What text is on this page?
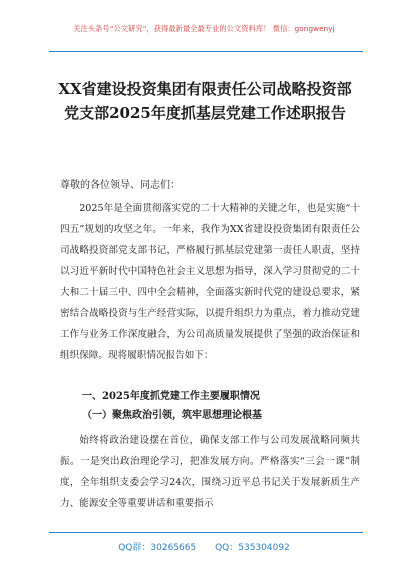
关注头条号“公文研究”，获得最新最全最专业的公文资料库！ 微信：gongwenyj
XX省建设投资集团有限责任公司战略投资部党支部2025年度抓基层党建工作述职报告
尊敬的各位领导、同志们：
2025年是全面贯彻落实党的二十大精神的关键之年，也是实施“十四五”规划的攻坚之年。一年来，我作为XX省建设投资集团有限责任公司战略投资部党支部书记，严格履行抓基层党建第一责任人职责，坚持以习近平新时代中国特色社会主义思想为指导，深入学习贯彻党的二十大和二十届三中、四中全会精神，全面落实新时代党的建设总要求，紧密结合战略投资与生产经营实际，以提升组织力为重点，着力推动党建工作与业务工作深度融合，为公司高质量发展提供了坚强的政治保证和组织保障。现将履职情况报告如下：
一、2025年度抓党建工作主要履职情况
（一）聚焦政治引领，筑牢思想理论根基
始终将政治建设摆在首位，确保支部工作与公司发展战略同频共振。一是突出政治理论学习，把准发展方向。严格落实“三会一课”制度，全年组织支委会学习24次，围绕习近平总书记关于发展新质生产力、能源安全等重要讲话和重要指示
QQ群：30265665 QQ：535304092
